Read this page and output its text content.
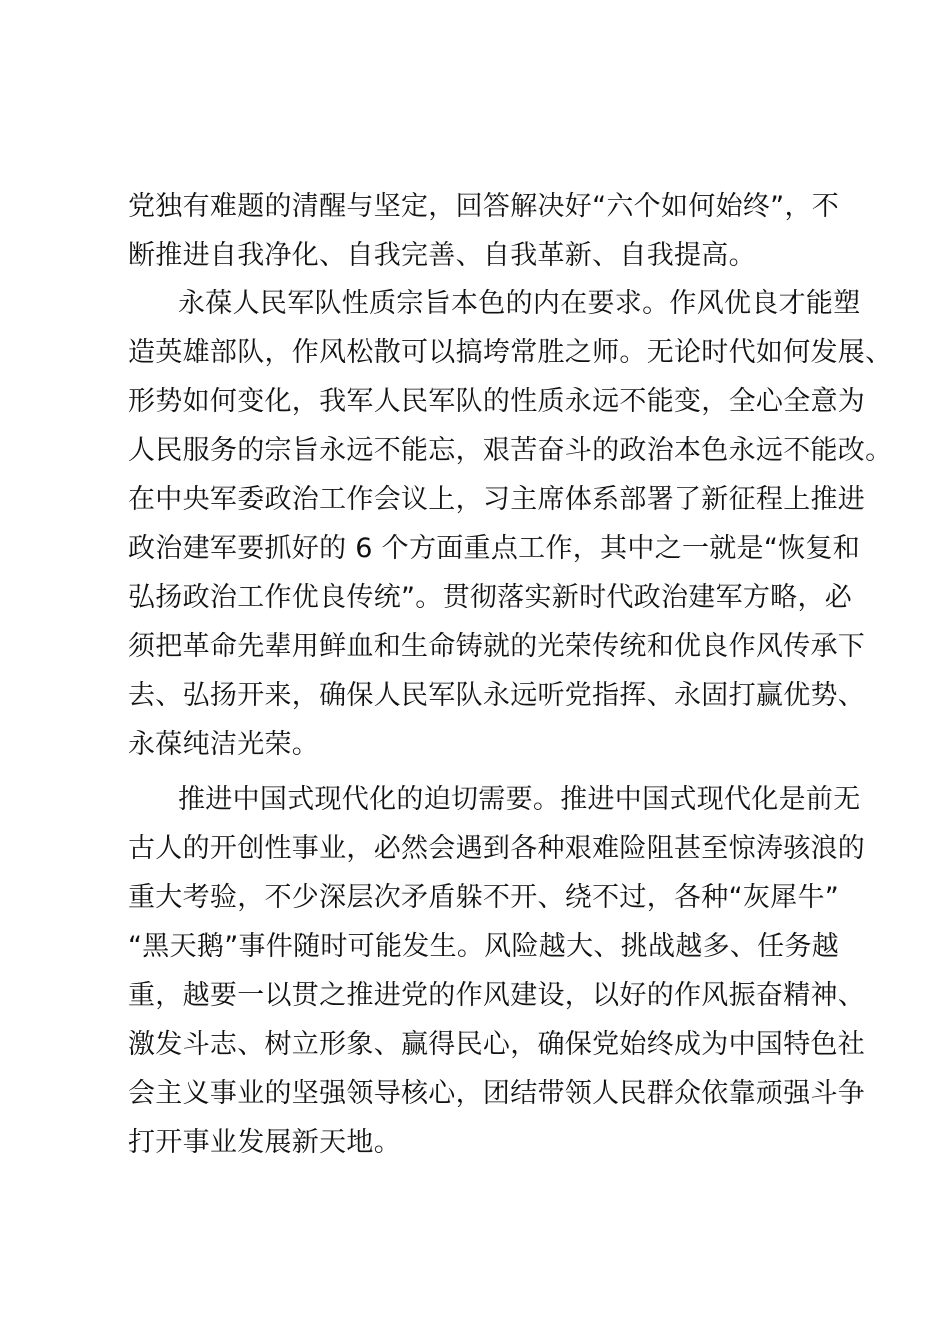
党独有难题的清醒与坚定，回答解决好“六个如何始终”，不
断推进自我净化、自我完善、自我革新、自我提高。
永葆人民军队性质宗旨本色的内在要求。作风优良才能塑
造英雄部队，作风松散可以搞垮常胜之师。无论时代如何发展、
形势如何变化，我军人民军队的性质永远不能变，全心全意为
人民服务的宗旨永远不能忘，艰苦奋斗的政治本色永远不能改。
在中央军委政治工作会议上，习主席体系部署了新征程上推进
政治建军要抓好的 6 个方面重点工作，其中之一就是“恢复和
弘扬政治工作优良传统”。贯彻落实新时代政治建军方略，必
须把革命先辈用鲜血和生命铸就的光荣传统和优良作风传承下
去、弘扬开来，确保人民军队永远听党指挥、永固打赢优势、
永葆纯洁光荣。
推进中国式现代化的迫切需要。推进中国式现代化是前无
古人的开创性事业，必然会遇到各种艰难险阻甚至惊涛骇浪的
重大考验，不少深层次矛盾躲不开、绕不过，各种“灰犀牛”
“黑天鹅”事件随时可能发生。风险越大、挑战越多、任务越
重，越要一以贯之推进党的作风建设，以好的作风振奋精神、
激发斗志、树立形象、赢得民心，确保党始终成为中国特色社
会主义事业的坚强领导核心，团结带领人民群众依靠顽强斗争
打开事业发展新天地。
